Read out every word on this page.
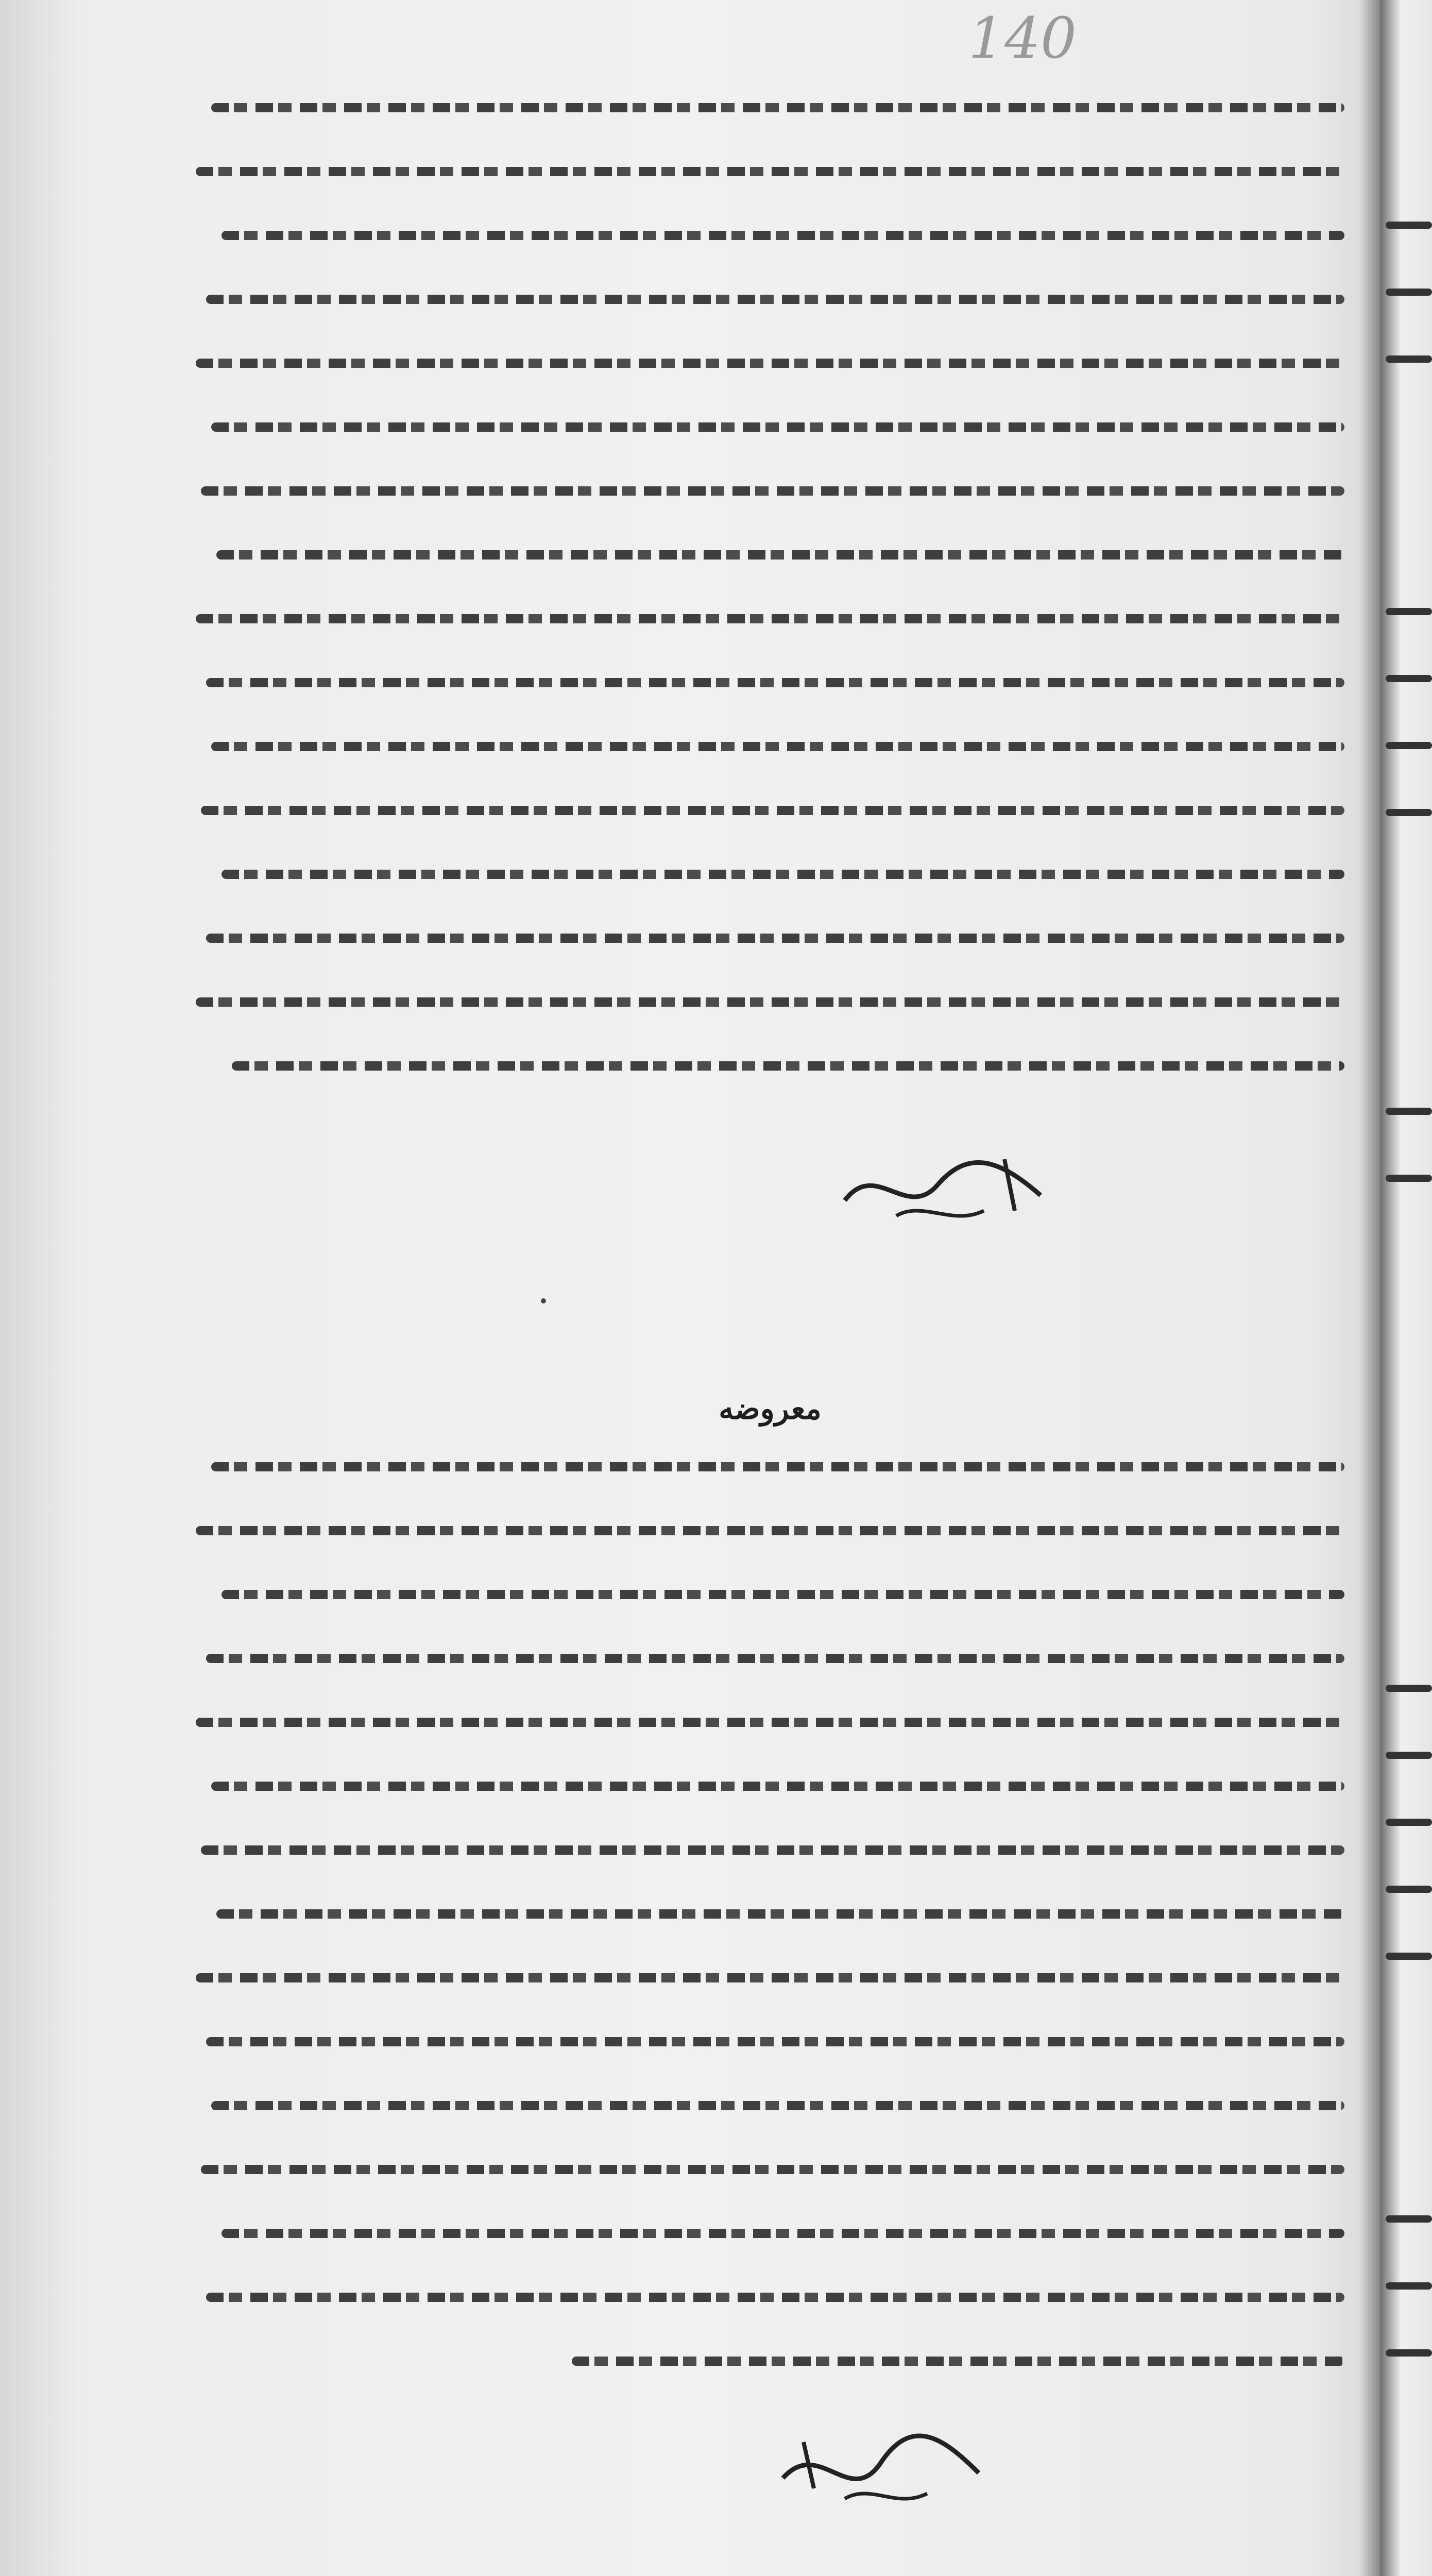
140
معروضه
